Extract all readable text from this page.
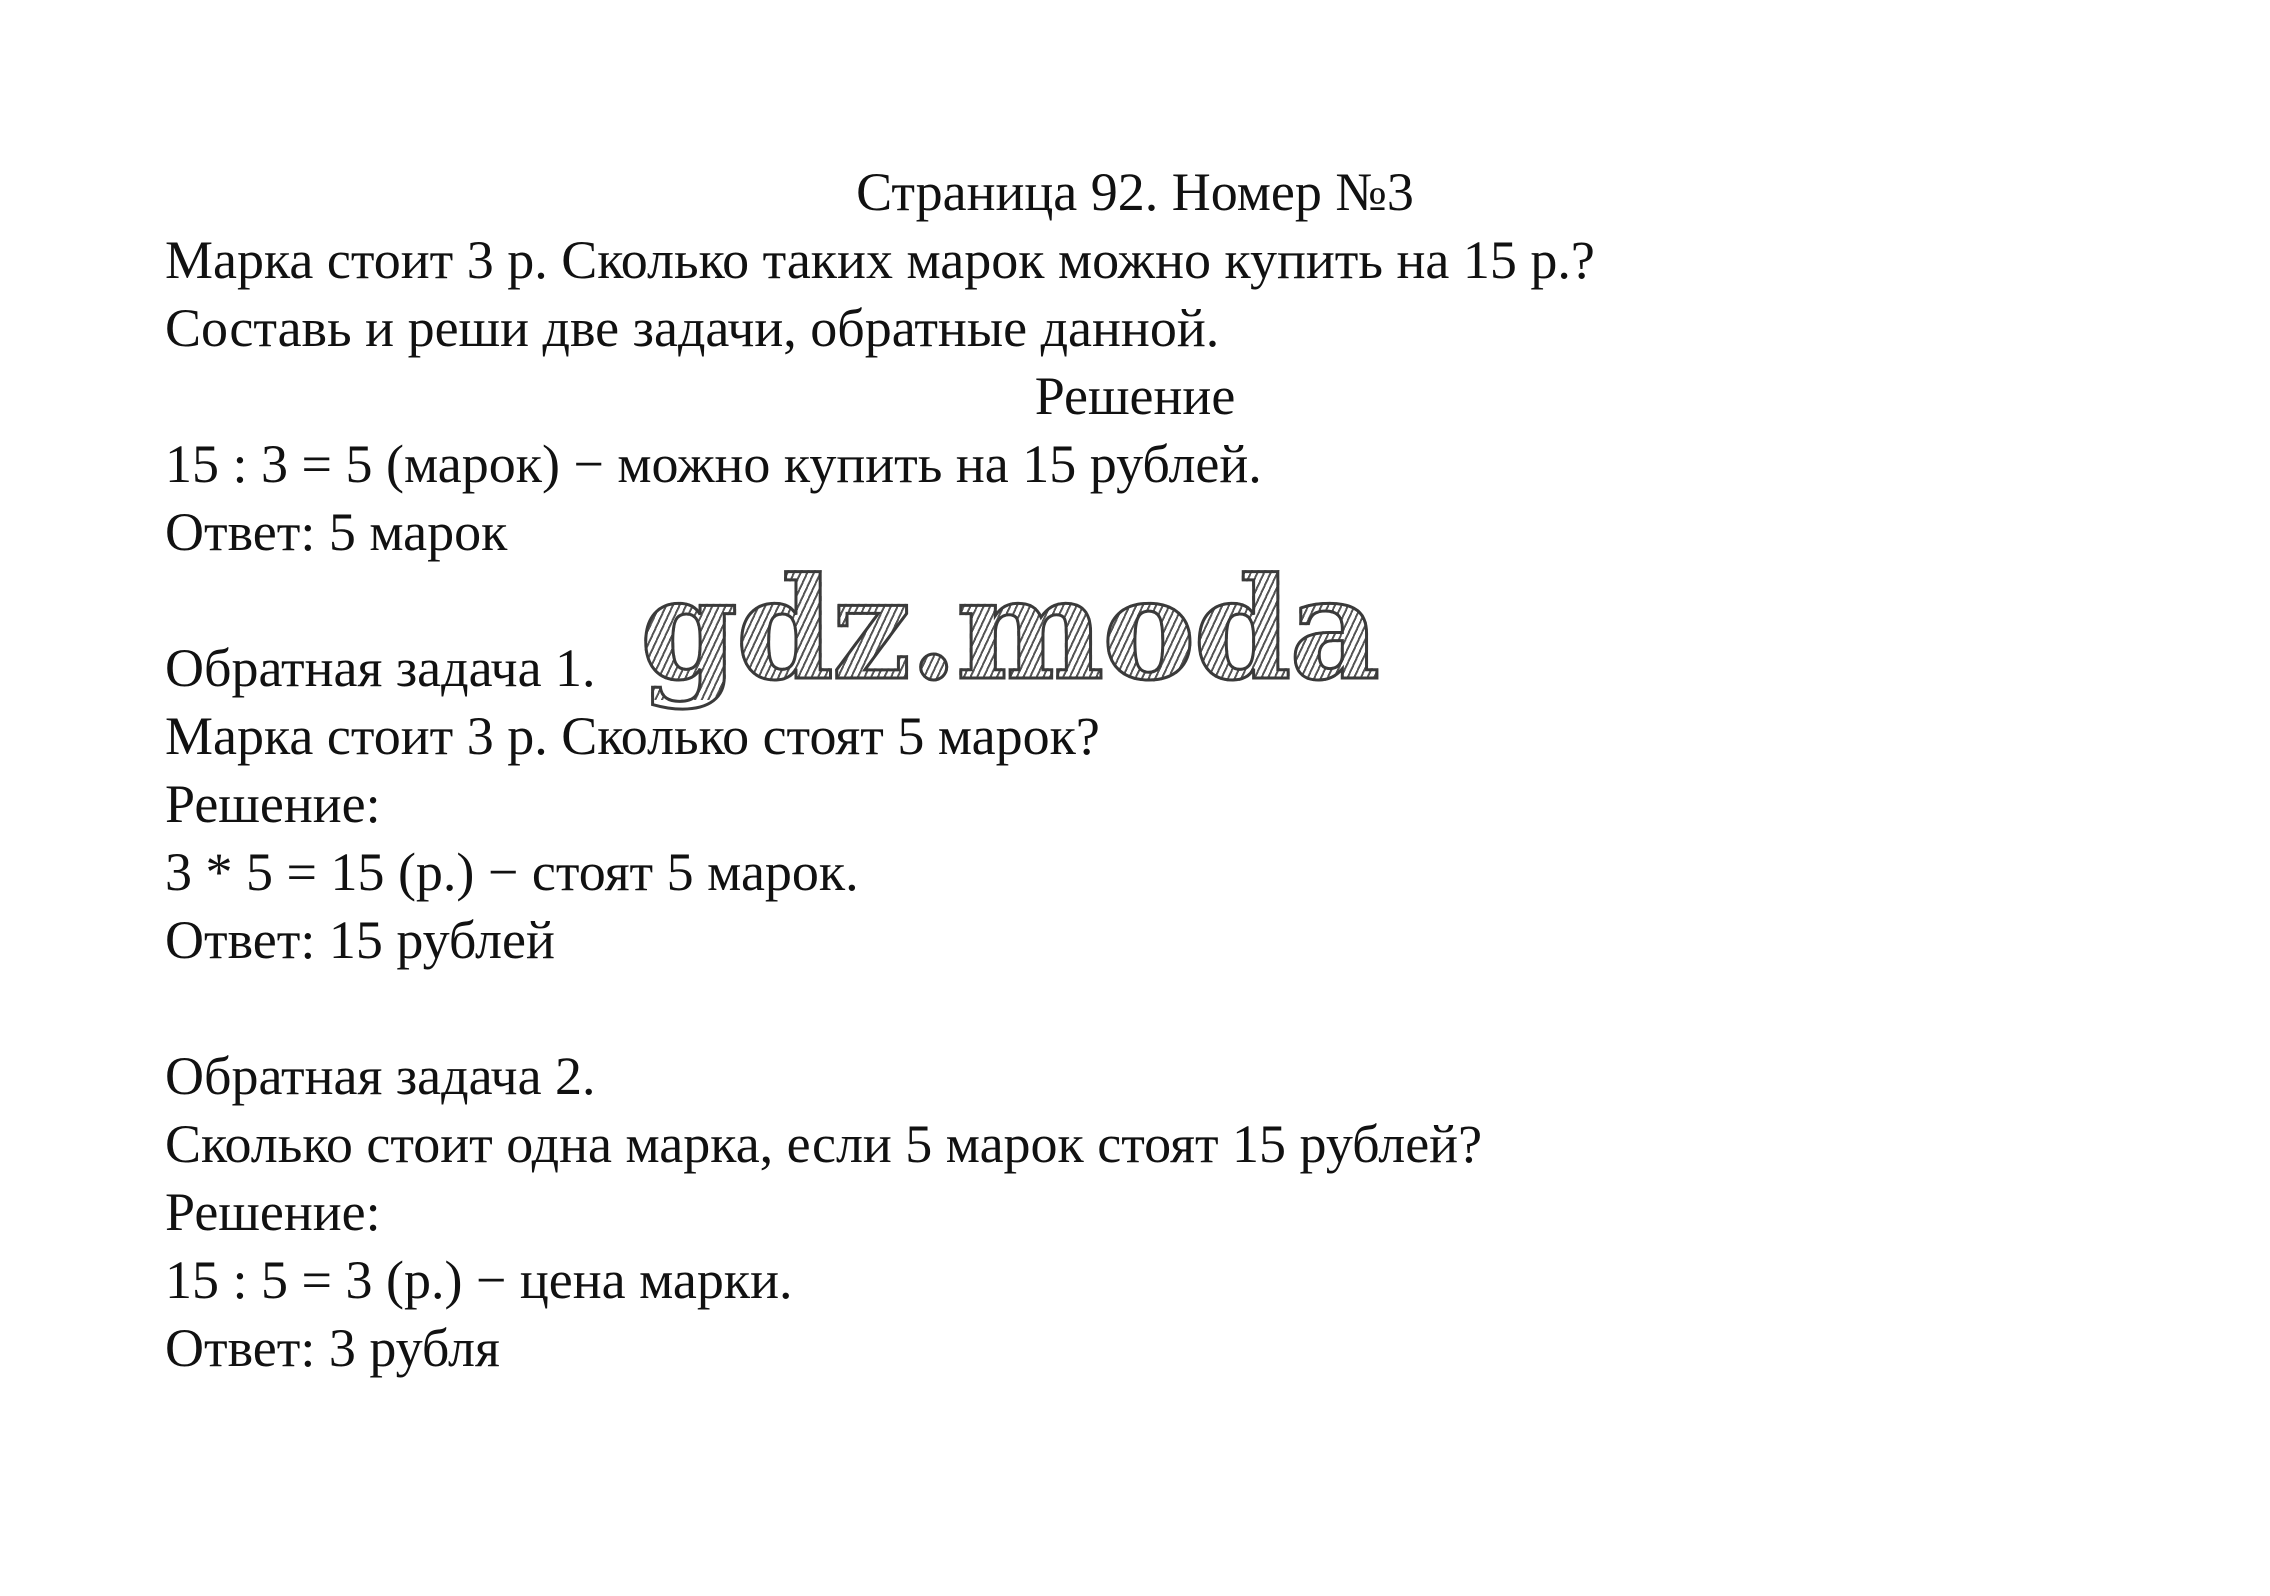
Страница 92. Номер №3
Марка стоит 3 р. Сколько таких марок можно купить на 15 р.?
Составь и реши две задачи, обратные данной.
Решение
15 : 3 = 5 (марок) − можно купить на 15 рублей.
Ответ: 5 марок
Обратная задача 1.
Марка стоит 3 р. Сколько стоят 5 марок?
Решение:
3 * 5 = 15 (р.) − стоят 5 марок.
Ответ: 15 рублей
Обратная задача 2.
Сколько стоит одна марка, если 5 марок стоят 15 рублей?
Решение:
15 : 5 = 3 (р.) − цена марки.
Ответ: 3 рубля
gdz.moda
